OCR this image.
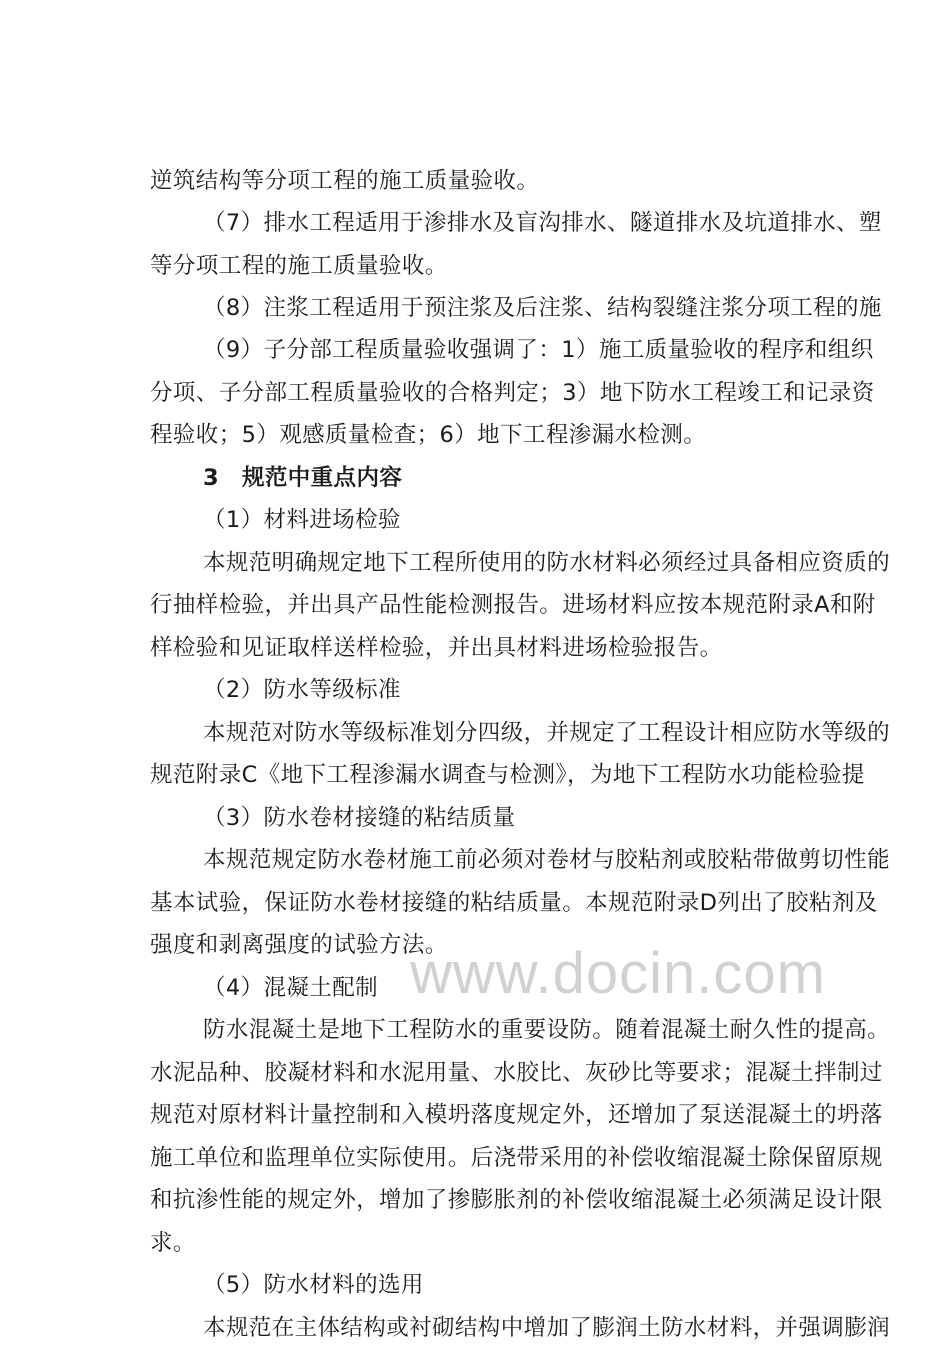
逆筑结构等分项工程的施工质量验收。
（7）排水工程适用于渗排水及盲沟排水、隧道排水及坑道排水、塑
等分项工程的施工质量验收。
（8）注浆工程适用于预注浆及后注浆、结构裂缝注浆分项工程的施
（9）子分部工程质量验收强调了：1）施工质量验收的程序和组织
分项、子分部工程质量验收的合格判定；3）地下防水工程竣工和记录资
程验收；5）观感质量检查；6）地下工程渗漏水检测。
3　规范中重点内容
（1）材料进场检验
本规范明确规定地下工程所使用的防水材料必须经过具备相应资质的
行抽样检验，并出具产品性能检测报告。进场材料应按本规范附录A和附
样检验和见证取样送样检验，并出具材料进场检验报告。
（2）防水等级标准
本规范对防水等级标准划分四级，并规定了工程设计相应防水等级的
规范附录C《地下工程渗漏水调查与检测》，为地下工程防水功能检验提
（3）防水卷材接缝的粘结质量
本规范规定防水卷材施工前必须对卷材与胶粘剂或胶粘带做剪切性能
基本试验，保证防水卷材接缝的粘结质量。本规范附录D列出了胶粘剂及
强度和剥离强度的试验方法。
（4）混凝土配制
防水混凝土是地下工程防水的重要设防。随着混凝土耐久性的提高。
水泥品种、胶凝材料和水泥用量、水胶比、灰砂比等要求；混凝土拌制过
规范对原材料计量控制和入模坍落度规定外，还增加了泵送混凝土的坍落
施工单位和监理单位实际使用。后浇带采用的补偿收缩混凝土除保留原规
和抗渗性能的规定外，增加了掺膨胀剂的补偿收缩混凝土必须满足设计限
求。
（5）防水材料的选用
本规范在主体结构或衬砌结构中增加了膨润土防水材料，并强调膨润
www.docin.com
